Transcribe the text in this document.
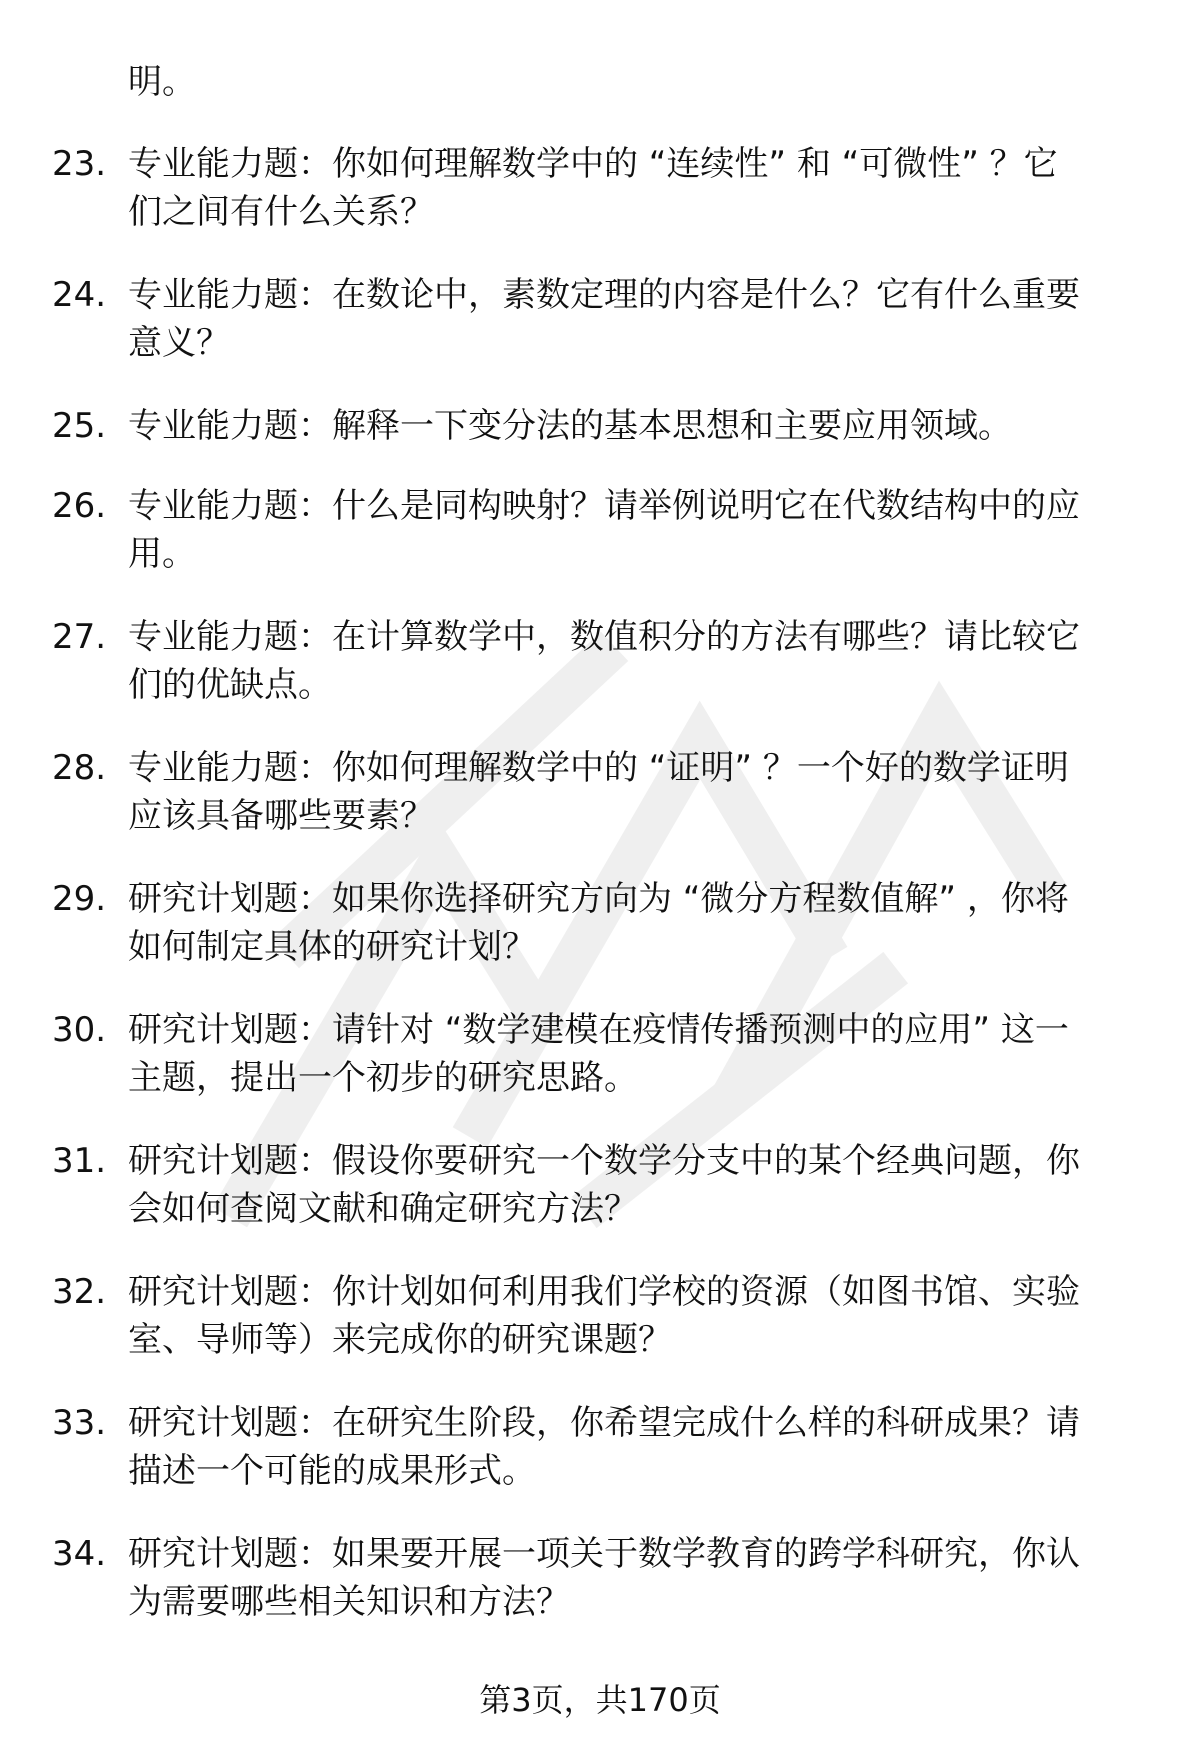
明。
23. 专业能力题：你如何理解数学中的 “连续性” 和 “可微性” ？它
们之间有什么关系？
24. 专业能力题：在数论中，素数定理的内容是什么？它有什么重要
意义？
25. 专业能力题：解释一下变分法的基本思想和主要应用领域。
26. 专业能力题：什么是同构映射？请举例说明它在代数结构中的应
用。
27. 专业能力题：在计算数学中，数值积分的方法有哪些？请比较它
们的优缺点。
28. 专业能力题：你如何理解数学中的 “证明” ？一个好的数学证明
应该具备哪些要素？
29. 研究计划题：如果你选择研究方向为 “微分方程数值解” ，你将
如何制定具体的研究计划？
30. 研究计划题：请针对 “数学建模在疫情传播预测中的应用” 这一
主题，提出一个初步的研究思路。
31. 研究计划题：假设你要研究一个数学分支中的某个经典问题，你
会如何查阅文献和确定研究方法？
32. 研究计划题：你计划如何利用我们学校的资源（如图书馆、实验
室、导师等）来完成你的研究课题？
33. 研究计划题：在研究生阶段，你希望完成什么样的科研成果？请
描述一个可能的成果形式。
34. 研究计划题：如果要开展一项关于数学教育的跨学科研究，你认
为需要哪些相关知识和方法？
第3页，共170页
